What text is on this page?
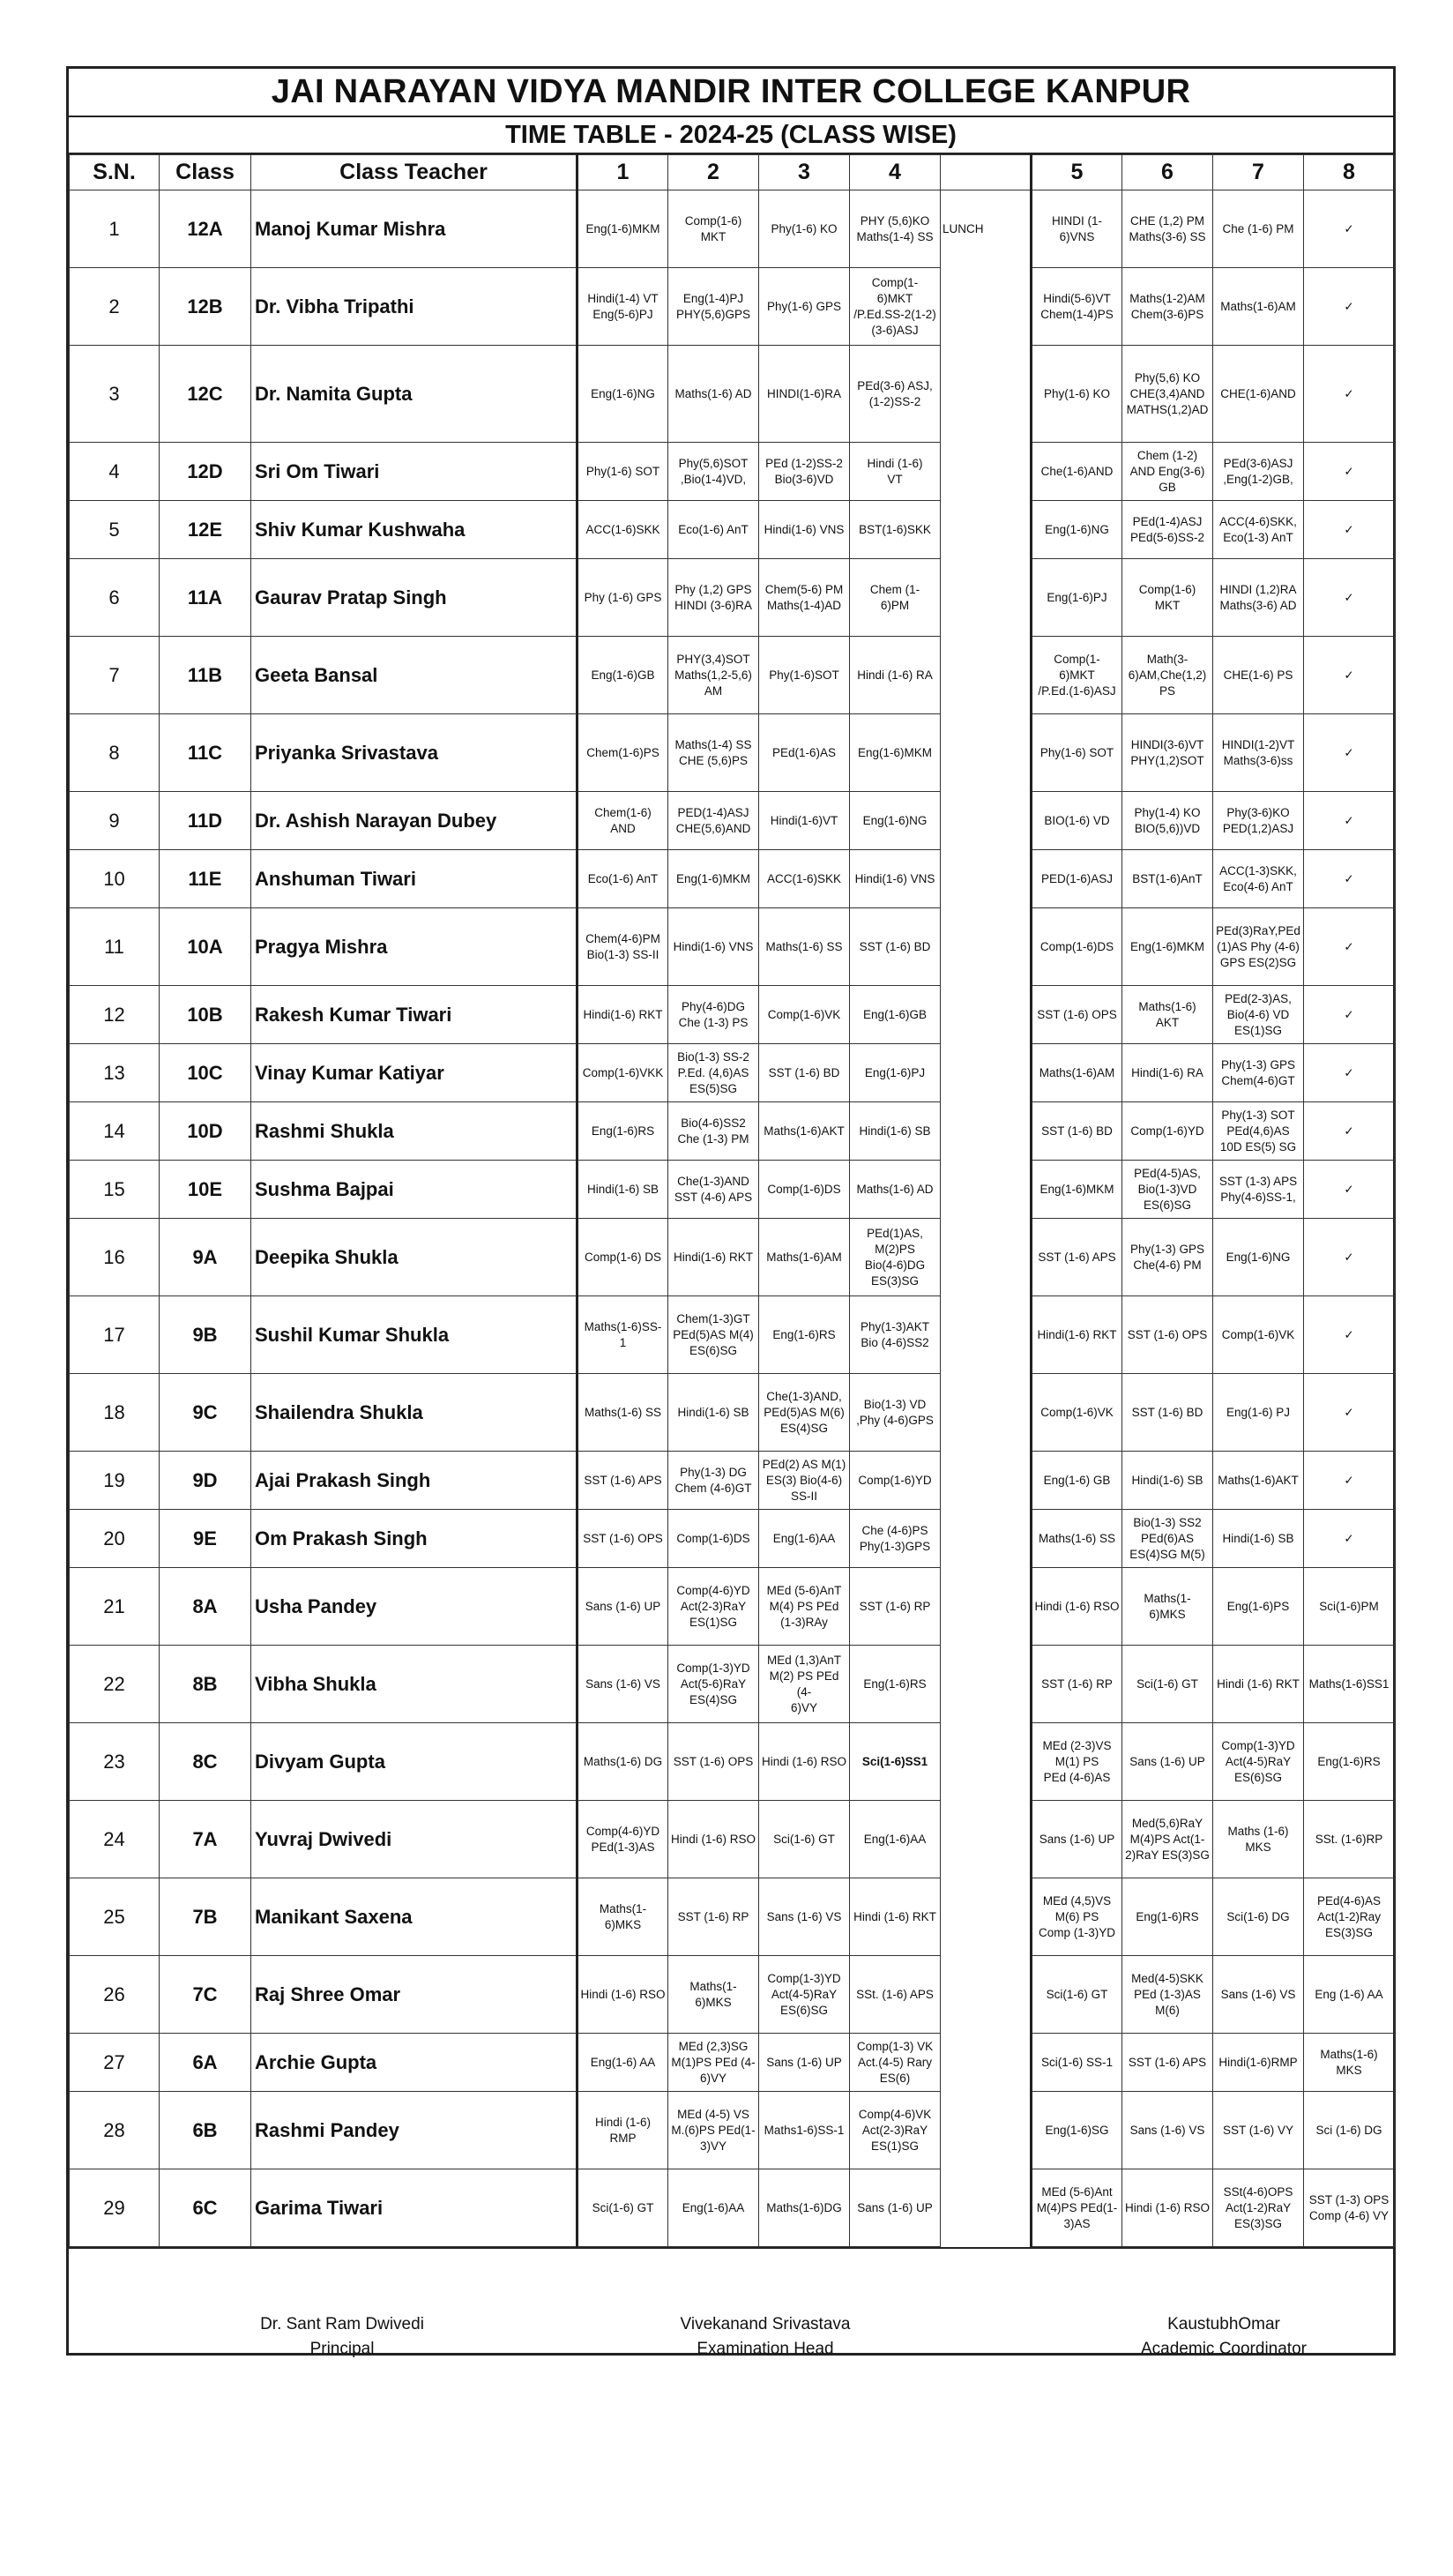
JAI NARAYAN VIDYA MANDIR INTER COLLEGE KANPUR
TIME TABLE - 2024-25 (CLASS WISE)
S.N.	Class	Class Teacher	1	2	3	4		5	6	7	8
1	12A	Manoj Kumar Mishra	Eng(1-6)MKM	Comp(1-6)
MKT	Phy(1-6) KO	PHY (5,6)KO
Maths(1-4) SS	LUNCH	HINDI (1-
6)VNS	CHE (1,2) PM
Maths(3-6) SS	Che (1-6) PM	✓
2	12B	Dr. Vibha Tripathi	Hindi(1-4) VT
Eng(5-6)PJ	Eng(1-4)PJ
PHY(5,6)GPS	Phy(1-6) GPS	Comp(1-
6)MKT
/P.Ed.SS-2(1-2)
(3-6)ASJ		Hindi(5-6)VT
Chem(1-4)PS	Maths(1-2)AM
Chem(3-6)PS	Maths(1-6)AM	✓
3	12C	Dr. Namita Gupta	Eng(1-6)NG	Maths(1-6) AD	HINDI(1-6)RA	PEd(3-6) ASJ,
(1-2)SS-2		Phy(1-6) KO	Phy(5,6) KO
CHE(3,4)AND
MATHS(1,2)AD	CHE(1-6)AND	✓
4	12D	Sri Om Tiwari	Phy(1-6) SOT	Phy(5,6)SOT
,Bio(1-4)VD,	PEd (1-2)SS-2
Bio(3-6)VD	Hindi (1-6)
VT		Che(1-6)AND	Chem (1-2)
AND Eng(3-6)
GB	PEd(3-6)ASJ
,Eng(1-2)GB,	✓
5	12E	Shiv Kumar Kushwaha	ACC(1-6)SKK	Eco(1-6) AnT	Hindi(1-6) VNS	BST(1-6)SKK		Eng(1-6)NG	PEd(1-4)ASJ
PEd(5-6)SS-2	ACC(4-6)SKK,
Eco(1-3) AnT	✓
6	11A	Gaurav Pratap Singh	Phy (1-6) GPS	Phy (1,2) GPS
HINDI (3-6)RA	Chem(5-6) PM
Maths(1-4)AD	Chem (1-
6)PM		Eng(1-6)PJ	Comp(1-6)
MKT	HINDI (1,2)RA
Maths(3-6) AD	✓
7	11B	Geeta Bansal	Eng(1-6)GB	PHY(3,4)SOT
Maths(1,2-5,6)
AM	Phy(1-6)SOT	Hindi (1-6) RA		Comp(1-
6)MKT
/P.Ed.(1-6)ASJ	Math(3-
6)AM,Che(1,2)
PS	CHE(1-6) PS	✓
8	11C	Priyanka Srivastava	Chem(1-6)PS	Maths(1-4) SS
CHE (5,6)PS	PEd(1-6)AS	Eng(1-6)MKM		Phy(1-6) SOT	HINDI(3-6)VT
PHY(1,2)SOT	HINDI(1-2)VT
Maths(3-6)ss	✓
9	11D	Dr. Ashish Narayan Dubey	Chem(1-6)
AND	PED(1-4)ASJ
CHE(5,6)AND	Hindi(1-6)VT	Eng(1-6)NG		BIO(1-6) VD	Phy(1-4) KO
BIO(5,6))VD	Phy(3-6)KO
PED(1,2)ASJ	✓
10	11E	Anshuman Tiwari	Eco(1-6) AnT	Eng(1-6)MKM	ACC(1-6)SKK	Hindi(1-6) VNS		PED(1-6)ASJ	BST(1-6)AnT	ACC(1-3)SKK,
Eco(4-6) AnT	✓
11	10A	Pragya Mishra	Chem(4-6)PM
Bio(1-3) SS-II	Hindi(1-6) VNS	Maths(1-6) SS	SST (1-6) BD		Comp(1-6)DS	Eng(1-6)MKM	PEd(3)RaY,PEd
(1)AS Phy (4-6)
GPS ES(2)SG	✓
12	10B	Rakesh Kumar Tiwari	Hindi(1-6) RKT	Phy(4-6)DG
Che (1-3) PS	Comp(1-6)VK	Eng(1-6)GB		SST (1-6) OPS	Maths(1-6)
AKT	PEd(2-3)AS,
Bio(4-6) VD
ES(1)SG	✓
13	10C	Vinay Kumar Katiyar	Comp(1-6)VKK	Bio(1-3) SS-2
P.Ed. (4,6)AS
ES(5)SG	SST (1-6) BD	Eng(1-6)PJ		Maths(1-6)AM	Hindi(1-6) RA	Phy(1-3) GPS
Chem(4-6)GT	✓
14	10D	Rashmi Shukla	Eng(1-6)RS	Bio(4-6)SS2
Che (1-3) PM	Maths(1-6)AKT	Hindi(1-6) SB		SST (1-6) BD	Comp(1-6)YD	Phy(1-3) SOT
PEd(4,6)AS
10D ES(5) SG	✓
15	10E	Sushma Bajpai	Hindi(1-6) SB	Che(1-3)AND
SST (4-6) APS	Comp(1-6)DS	Maths(1-6) AD		Eng(1-6)MKM	PEd(4-5)AS,
Bio(1-3)VD
ES(6)SG	SST (1-3) APS
Phy(4-6)SS-1,	✓
16	9A	Deepika Shukla	Comp(1-6) DS	Hindi(1-6) RKT	Maths(1-6)AM	PEd(1)AS,
M(2)PS
Bio(4-6)DG
ES(3)SG		SST (1-6) APS	Phy(1-3) GPS
Che(4-6) PM	Eng(1-6)NG	✓
17	9B	Sushil Kumar Shukla	Maths(1-6)SS-
1	Chem(1-3)GT
PEd(5)AS M(4)
ES(6)SG	Eng(1-6)RS	Phy(1-3)AKT
Bio (4-6)SS2		Hindi(1-6) RKT	SST (1-6) OPS	Comp(1-6)VK	✓
18	9C	Shailendra Shukla	Maths(1-6) SS	Hindi(1-6) SB	Che(1-3)AND,
PEd(5)AS M(6)
ES(4)SG	Bio(1-3) VD
,Phy (4-6)GPS		Comp(1-6)VK	SST (1-6) BD	Eng(1-6) PJ	✓
19	9D	Ajai Prakash Singh	SST (1-6) APS	Phy(1-3) DG
Chem (4-6)GT	PEd(2) AS M(1)
ES(3) Bio(4-6)
SS-II	Comp(1-6)YD		Eng(1-6) GB	Hindi(1-6) SB	Maths(1-6)AKT	✓
20	9E	Om Prakash Singh	SST (1-6) OPS	Comp(1-6)DS	Eng(1-6)AA	Che (4-6)PS
Phy(1-3)GPS		Maths(1-6) SS	Bio(1-3) SS2
PEd(6)AS
ES(4)SG M(5)	Hindi(1-6) SB	✓
21	8A	Usha Pandey	Sans (1-6) UP	Comp(4-6)YD
Act(2-3)RaY
ES(1)SG	MEd (5-6)AnT
M(4) PS PEd
(1-3)RAy	SST (1-6) RP		Hindi (1-6) RSO	Maths(1-
6)MKS	Eng(1-6)PS	Sci(1-6)PM
22	8B	Vibha Shukla	Sans (1-6) VS	Comp(1-3)YD
Act(5-6)RaY
ES(4)SG	MEd (1,3)AnT
M(2) PS PEd (4-
6)VY	Eng(1-6)RS		SST (1-6) RP	Sci(1-6) GT	Hindi (1-6) RKT	Maths(1-6)SS1
23	8C	Divyam Gupta	Maths(1-6) DG	SST (1-6) OPS	Hindi (1-6) RSO	Sci(1-6)SS1		MEd (2-3)VS
M(1) PS
PEd (4-6)AS	Sans (1-6) UP	Comp(1-3)YD
Act(4-5)RaY
ES(6)SG	Eng(1-6)RS
24	7A	Yuvraj Dwivedi	Comp(4-6)YD
PEd(1-3)AS	Hindi (1-6) RSO	Sci(1-6) GT	Eng(1-6)AA		Sans (1-6) UP	Med(5,6)RaY
M(4)PS Act(1-
2)RaY ES(3)SG	Maths (1-6)
MKS	SSt. (1-6)RP
25	7B	Manikant Saxena	Maths(1-
6)MKS	SST (1-6) RP	Sans (1-6) VS	Hindi (1-6) RKT		MEd (4,5)VS
M(6) PS
Comp (1-3)YD	Eng(1-6)RS	Sci(1-6) DG	PEd(4-6)AS
Act(1-2)Ray
ES(3)SG
26	7C	Raj Shree Omar	Hindi (1-6) RSO	Maths(1-
6)MKS	Comp(1-3)YD
Act(4-5)RaY
ES(6)SG	SSt. (1-6) APS		Sci(1-6) GT	Med(4-5)SKK
PEd (1-3)AS
M(6)	Sans (1-6) VS	Eng (1-6) AA
27	6A	Archie Gupta	Eng(1-6) AA	MEd (2,3)SG
M(1)PS PEd (4-
6)VY	Sans (1-6) UP	Comp(1-3) VK
Act.(4-5) Rary
ES(6)		Sci(1-6) SS-1	SST (1-6) APS	Hindi(1-6)RMP	Maths(1-6)
MKS
28	6B	Rashmi Pandey	Hindi (1-6)
RMP	MEd (4-5) VS
M.(6)PS PEd(1-
3)VY	Maths1-6)SS-1	Comp(4-6)VK
Act(2-3)RaY
ES(1)SG		Eng(1-6)SG	Sans (1-6) VS	SST (1-6) VY	Sci (1-6) DG
29	6C	Garima Tiwari	Sci(1-6) GT	Eng(1-6)AA	Maths(1-6)DG	Sans (1-6) UP		MEd (5-6)Ant
M(4)PS PEd(1-
3)AS	Hindi (1-6) RSO	SSt(4-6)OPS
Act(1-2)RaY
ES(3)SG	SST (1-3) OPS
Comp (4-6) VY
Dr. Sant Ram Dwivedi
Principal
Vivekanand Srivastava
Examination Head
KaustubhOmar
Academic Coordinator
